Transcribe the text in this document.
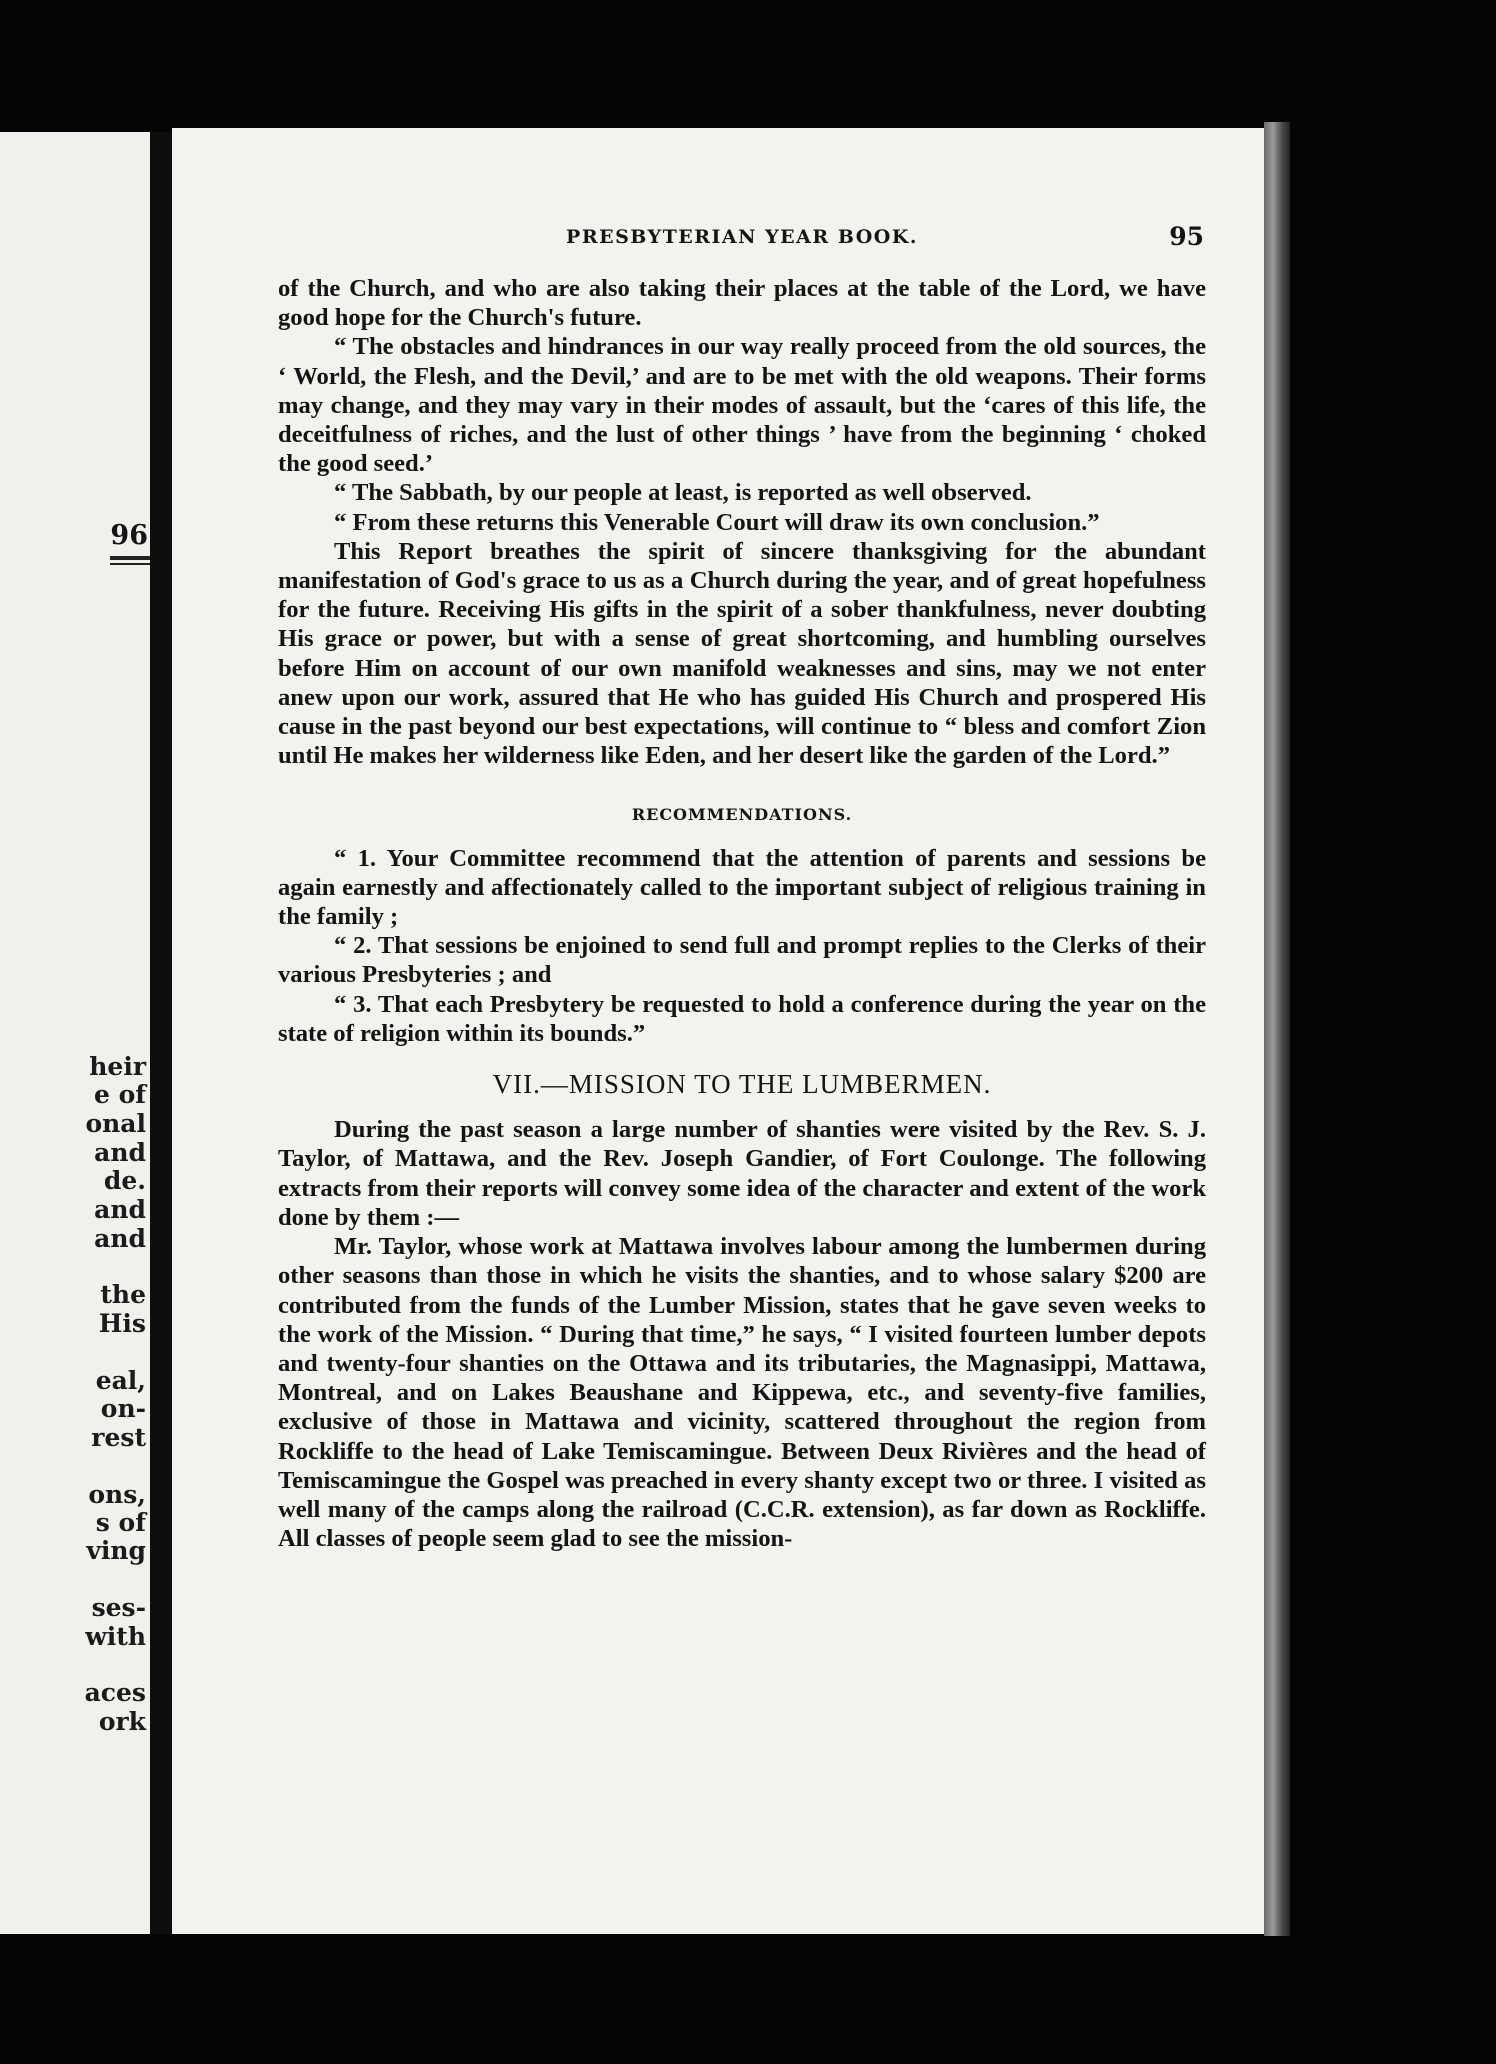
96
heir
e of
onal
and
de.
and
and
the
His
eal,
on-
rest
ons,
s of
ving
ses-
with
aces
ork
PRESBYTERIAN YEAR BOOK.	95

of the Church, and who are also taking their places at the table of the Lord, we have good hope for the Church's future.

“ The obstacles and hindrances in our way really proceed from the old sources, the ‘ World, the Flesh, and the Devil,’ and are to be met with the old weapons. Their forms may change, and they may vary in their modes of assault, but the ‘cares of this life, the deceitfulness of riches, and the lust of other things ’ have from the beginning ‘ choked the good seed.’

“ The Sabbath, by our people at least, is reported as well observed.

“ From these returns this Venerable Court will draw its own conclusion.”

This Report breathes the spirit of sincere thanksgiving for the abundant manifestation of God's grace to us as a Church during the year, and of great hopefulness for the future. Receiving His gifts in the spirit of a sober thankfulness, never doubting His grace or power, but with a sense of great shortcoming, and humbling ourselves before Him on account of our own manifold weaknesses and sins, may we not enter anew upon our work, assured that He who has guided His Church and prospered His cause in the past beyond our best expectations, will continue to “ bless and comfort Zion until He makes her wilderness like Eden, and her desert like the garden of the Lord.”

RECOMMENDATIONS.

“ 1. Your Committee recommend that the attention of parents and sessions be again earnestly and affectionately called to the important subject of religious training in the family ;

“ 2. That sessions be enjoined to send full and prompt replies to the Clerks of their various Presbyteries ; and

“ 3. That each Presbytery be requested to hold a conference during the year on the state of religion within its bounds.”

VII.—MISSION TO THE LUMBERMEN.

During the past season a large number of shanties were visited by the Rev. S. J. Taylor, of Mattawa, and the Rev. Joseph Gandier, of Fort Coulonge. The following extracts from their reports will convey some idea of the character and extent of the work done by them :—

Mr. Taylor, whose work at Mattawa involves labour among the lumbermen during other seasons than those in which he visits the shanties, and to whose salary $200 are contributed from the funds of the Lumber Mission, states that he gave seven weeks to the work of the Mission. “ During that time,” he says, “ I visited fourteen lumber depots and twenty-four shanties on the Ottawa and its tributaries, the Magnasippi, Mattawa, Montreal, and on Lakes Beaushane and Kippewa, etc., and seventy-five families, exclusive of those in Mattawa and vicinity, scattered throughout the region from Rockliffe to the head of Lake Temiscamingue. Between Deux Rivières and the head of Temiscamingue the Gospel was preached in every shanty except two or three. I visited as well many of the camps along the railroad (C.C.R. extension), as far down as Rockliffe. All classes of people seem glad to see the mission-
